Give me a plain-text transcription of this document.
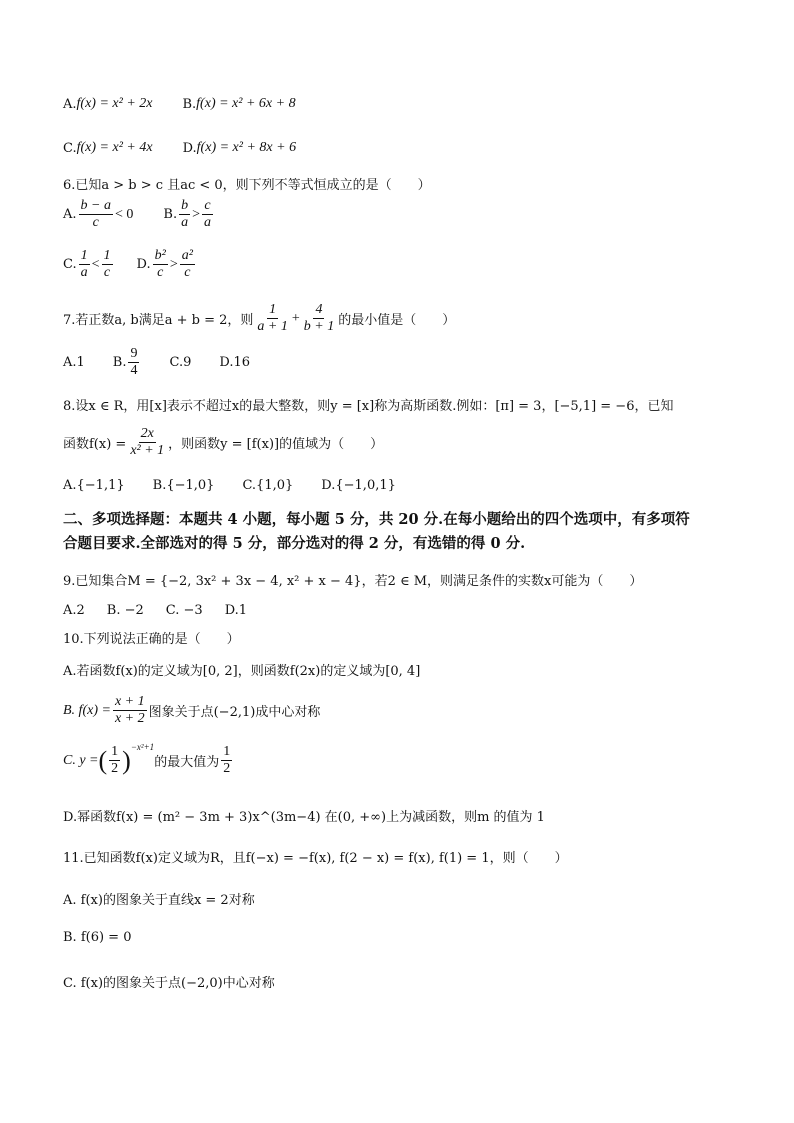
A. f(x) = x² + 2x B. f(x) = x² + 6x + 8
C. f(x) = x² + 4x D. f(x) = x² + 8x + 6
6.已知a > b > c 且ac < 0，则下列不等式恒成立的是（　　）
A. $\frac{b - a}{c} < 0$ B. $\frac{b}{a} > \frac{c}{a}$
C. $\frac{1}{a} < \frac{1}{c} D$. $\frac{\text{b²}}{c} > \frac{\text{a²}}{c}$
7.若正数a, b满足a + b = 2，则 $\frac{1}{a + 1} + \frac{4}{b + 1}$ 的最小值是（　　）
A.1 B. $\frac{9}{4} C.9$ D.16
8.设x ∈ R，用[x]表示不超过x的最大整数，则y = [x]称为高斯函数.例如：[π] = 3，[−5,1] = −6，已知
函数$f(x) = \frac{2x}{\text{x² + 1}}$ ，则函数y = [f(x)]的值域为（　　）
A.{−1,1} B.{−1,0} C.{1,0} D.{−1,0,1}
二、多项选择题：本题共 4 小题，每小题 5 分，共 20 分.在每小题给出的四个选项中，有多项符
合题目要求.全部选对的得 5 分，部分选对的得 2 分，有选错的得 0 分.
9.已知集合M = {−2, 3x² + 3x − 4, x² + x − 4}，若2 ∈ M，则满足条件的实数x可能为（　　）
A.2 B. −2 C. −3 D.1
10.下列说法正确的是（　　）
A.若函数f(x)的定义域为[0, 2]，则函数f(2x)的定义域为[0, 4]
B. $f(x) = \frac{x + 1}{x + 2}$ 图象关于点(−2,1)成中心对称
C. y = ( $\frac{1}{2} )^{-x^2+1}$
的最大值为 $\frac{1}{2}$
D.幂函数f(x) = (m² − 3m + 3)x^(3m−4) 在(0, +∞)上为减函数，则m 的值为 1
11.已知函数f(x)定义域为R，且f(−x) = −f(x), f(2 − x) = f(x), f(1) = 1，则（　　）
A. f(x)的图象关于直线x = 2对称
B. f(6) = 0
C. f(x)的图象关于点(−2,0)中心对称
